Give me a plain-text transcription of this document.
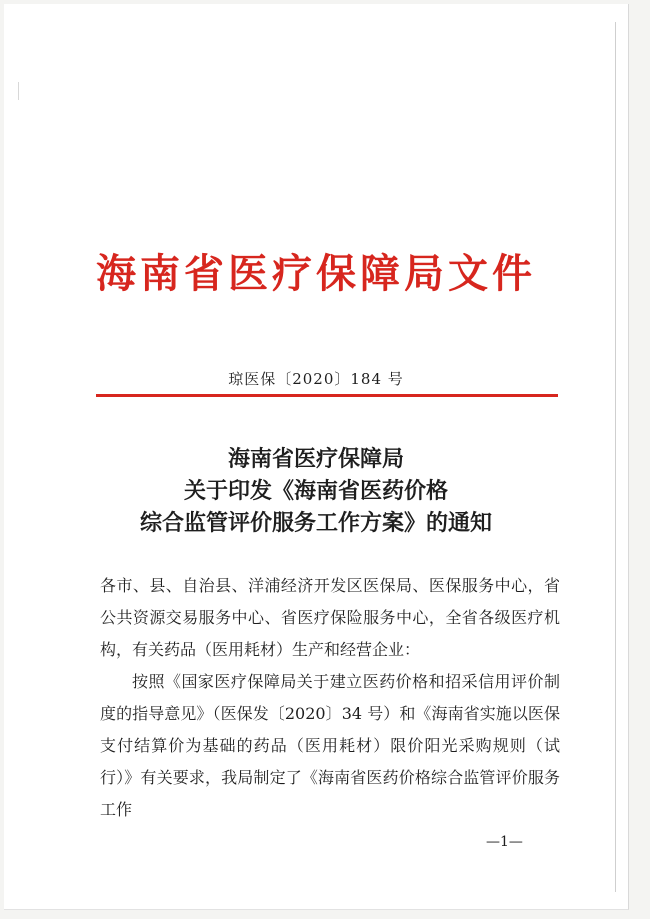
海南省医疗保障局文件
琼医保〔2020〕184 号
海南省医疗保障局
关于印发《海南省医药价格
综合监管评价服务工作方案》的通知

各市、县、自治县、洋浦经济开发区医保局、医保服务中心，省公共资源交易服务中心、省医疗保险服务中心，全省各级医疗机构，有关药品（医用耗材）生产和经营企业：

按照《国家医疗保障局关于建立医药价格和招采信用评价制度的指导意见》（医保发〔2020〕34 号）和《海南省实施以医保支付结算价为基础的药品（医用耗材）限价阳光采购规则（试行）》有关要求，我局制定了《海南省医药价格综合监管评价服务工作

—1—
